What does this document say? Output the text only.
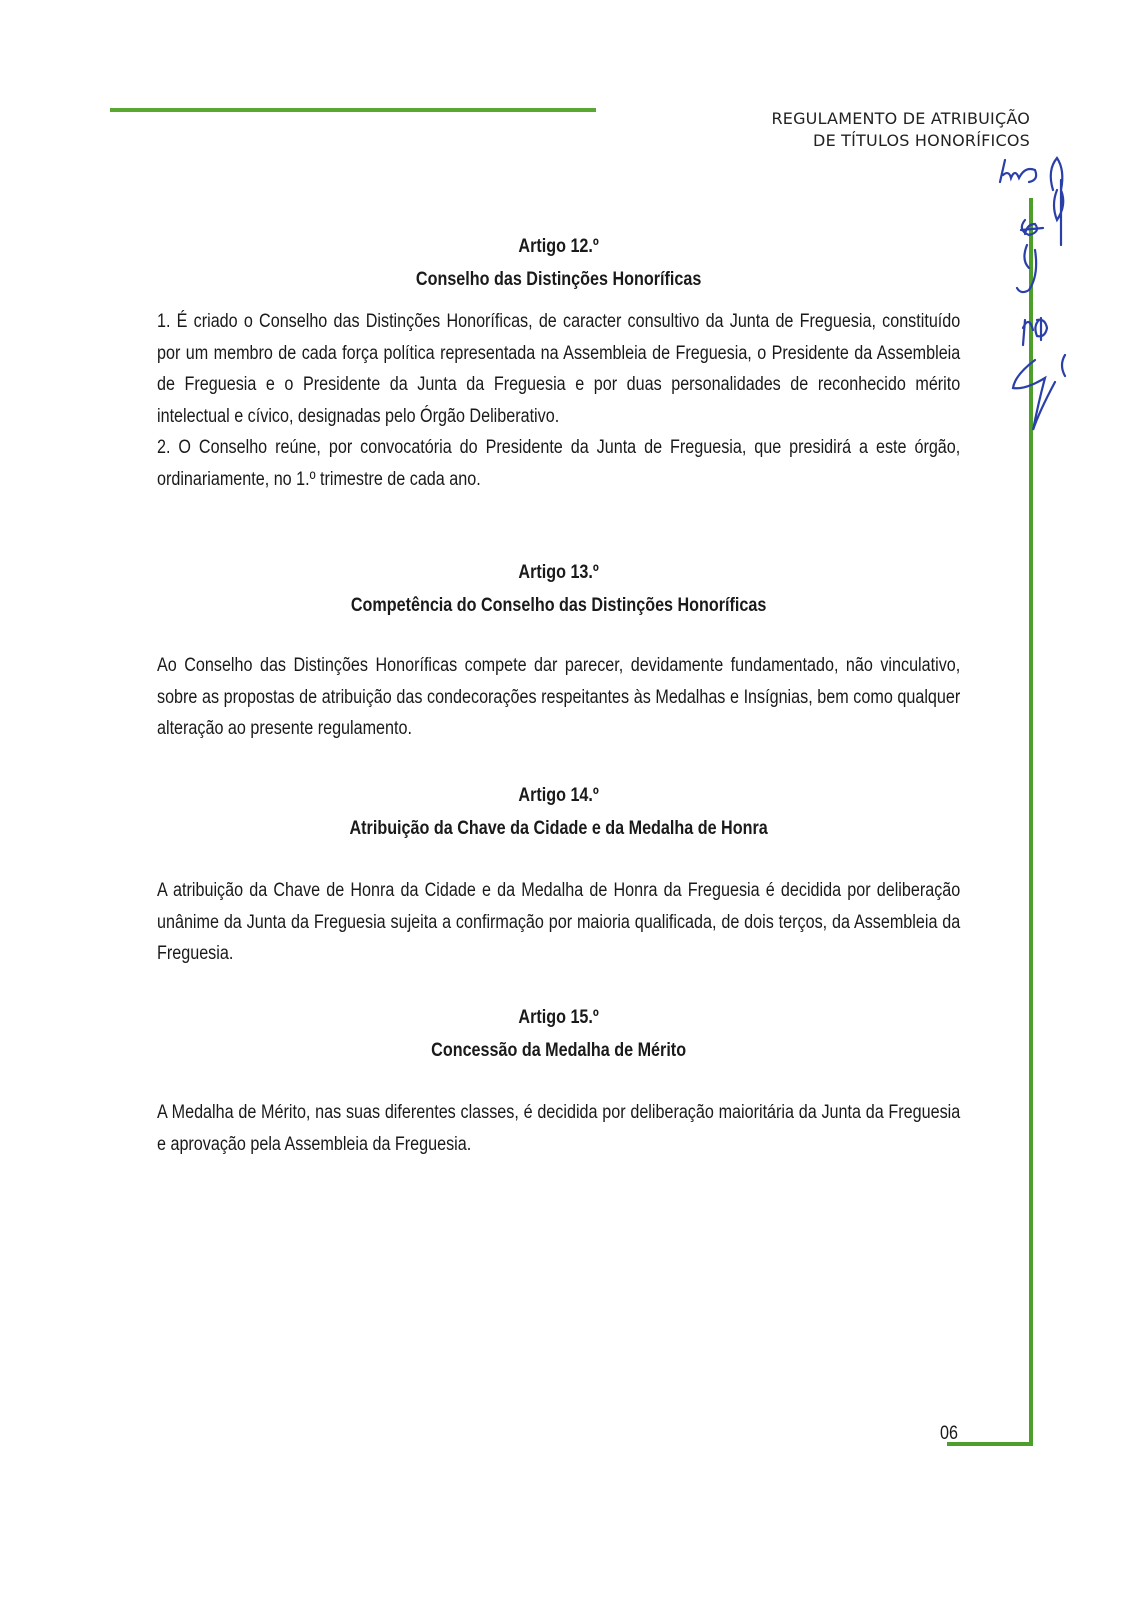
REGULAMENTO DE ATRIBUIÇÃO
DE TÍTULOS HONORÍFICOS
Artigo 12.º
Conselho das Distinções Honoríficas

1. É criado o Conselho das Distinções Honoríficas, de caracter consultivo da Junta de Freguesia, constituído por um membro de cada força política representada na Assembleia de Freguesia, o Presidente da Assembleia de Freguesia e o Presidente da Junta da Freguesia e por duas personalidades de reconhecido mérito intelectual e cívico, designadas pelo Órgão Deliberativo.

2. O Conselho reúne, por convocatória do Presidente da Junta de Freguesia, que presidirá a este órgão, ordinariamente, no 1.º trimestre de cada ano.

Artigo 13.º
Competência do Conselho das Distinções Honoríficas

Ao Conselho das Distinções Honoríficas compete dar parecer, devidamente fundamentado, não vinculativo, sobre as propostas de atribuição das condecorações respeitantes às Medalhas e Insígnias, bem como qualquer alteração ao presente regulamento.

Artigo 14.º
Atribuição da Chave da Cidade e da Medalha de Honra

A atribuição da Chave de Honra da Cidade e da Medalha de Honra da Freguesia é decidida por deliberação unânime da Junta da Freguesia sujeita a confirmação por maioria qualificada, de dois terços, da Assembleia da Freguesia.

Artigo 15.º
Concessão da Medalha de Mérito

A Medalha de Mérito, nas suas diferentes classes, é decidida por deliberação maioritária da Junta da Freguesia e aprovação pela Assembleia da Freguesia.

06
